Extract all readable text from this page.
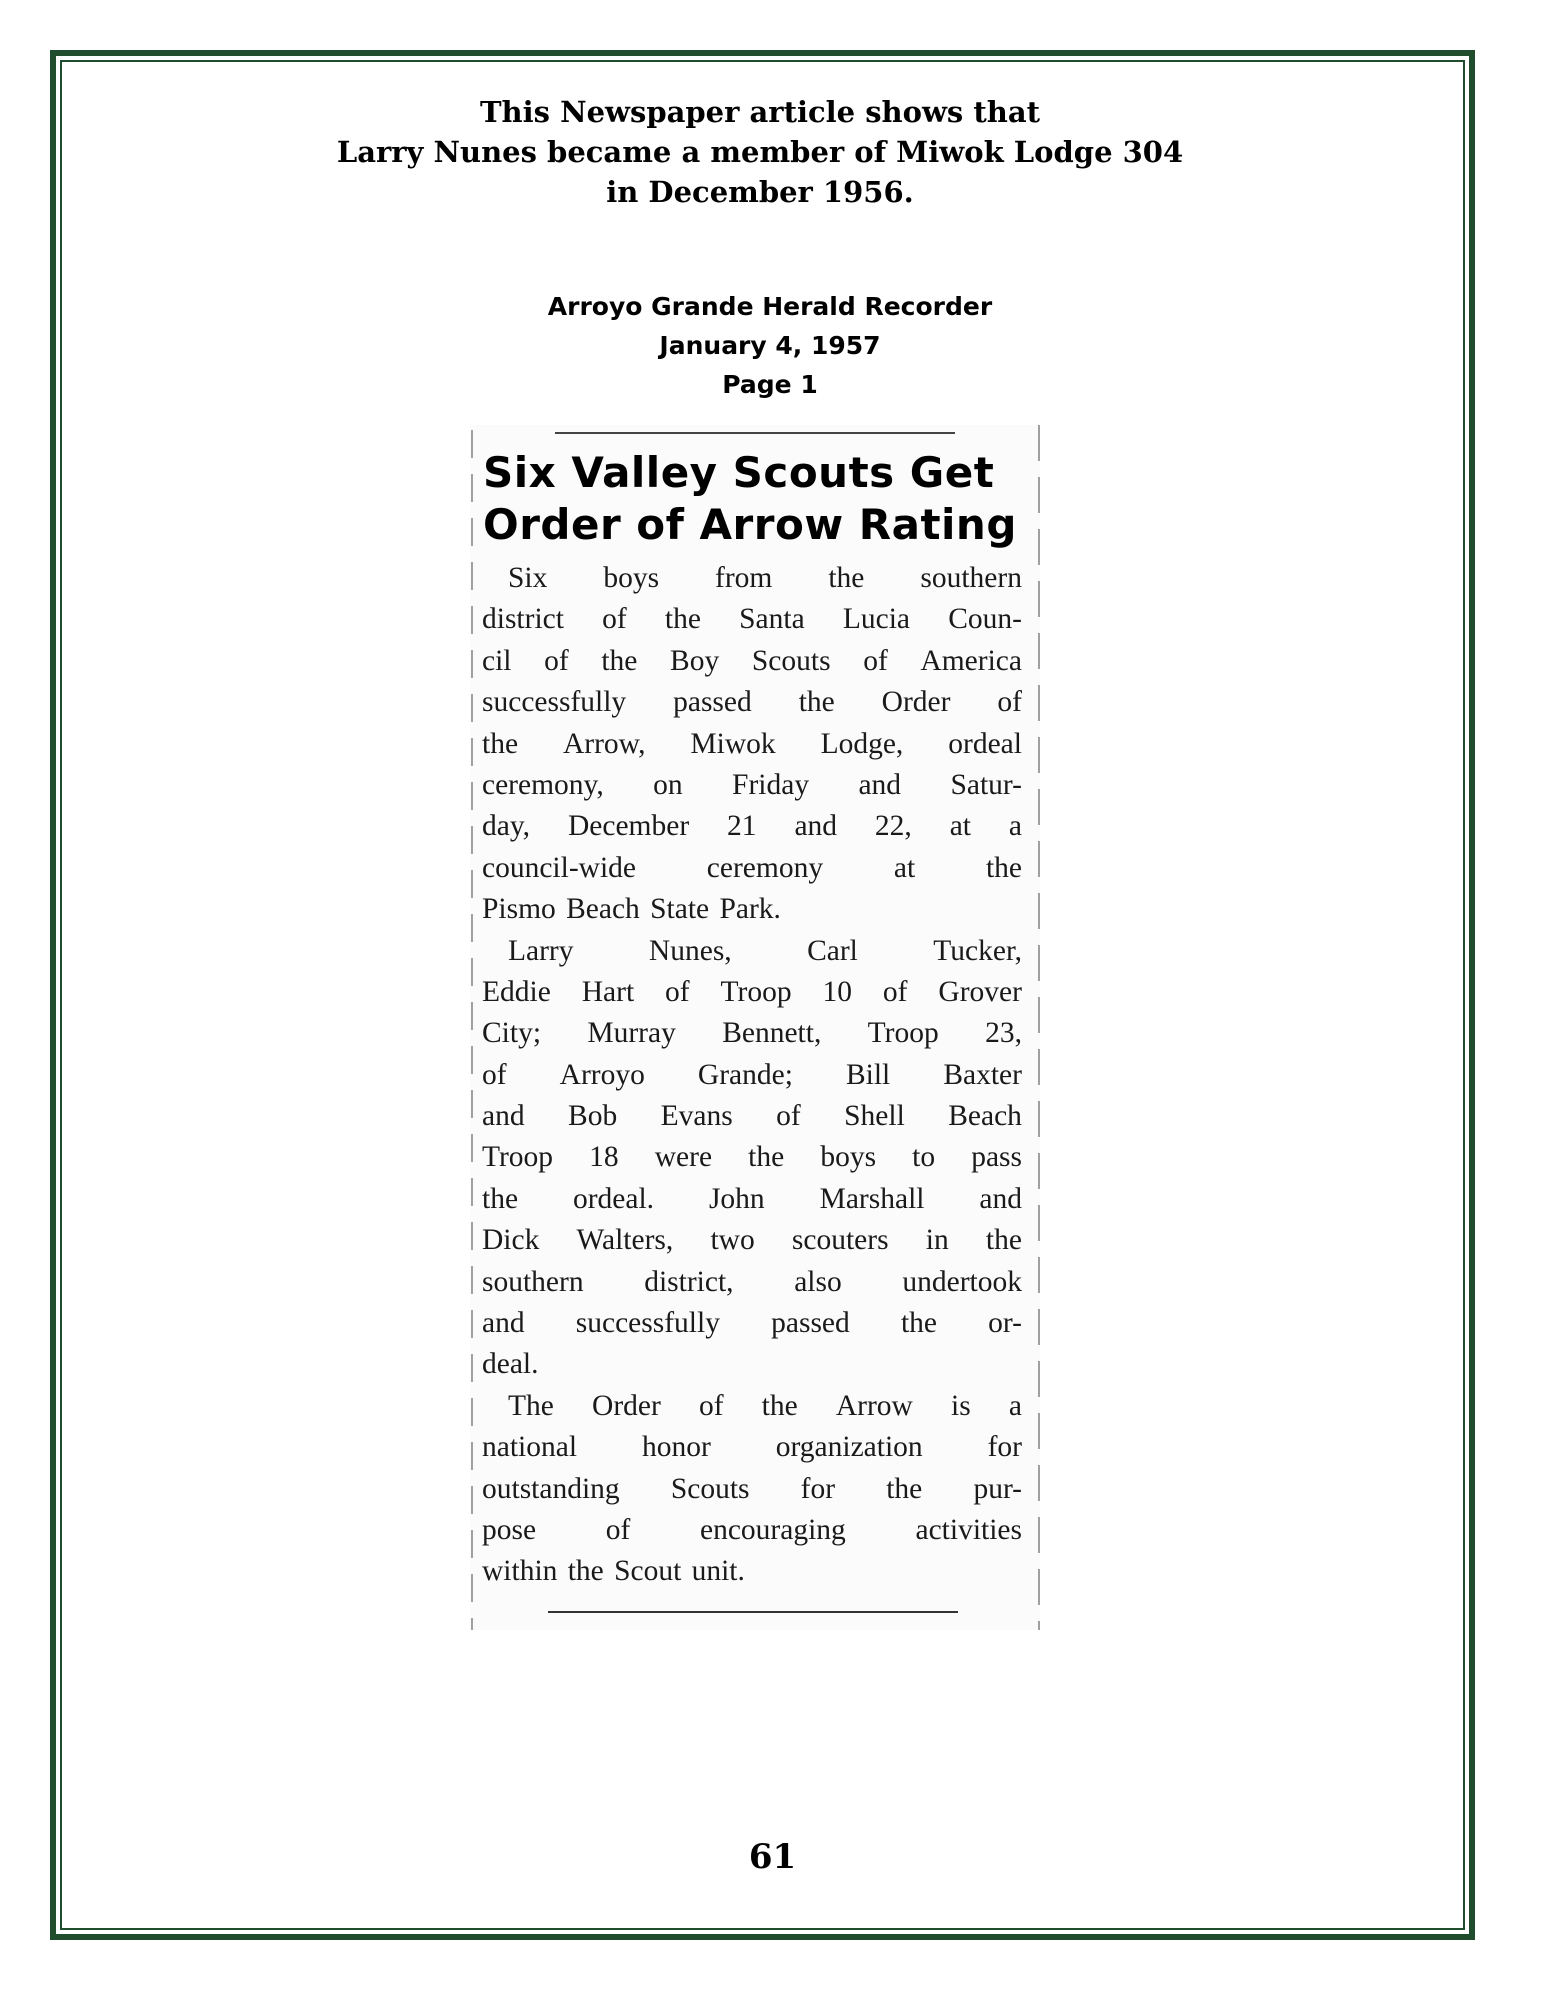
This Newspaper article shows that
Larry Nunes became a member of Miwok Lodge 304
in December 1956.
Arroyo Grande Herald Recorder
January 4, 1957
Page 1
Six Valley Scouts Get
Order of Arrow Rating
Six boys from the southern
district of the Santa Lucia Coun-
cil of the Boy Scouts of America
successfully passed the Order of
the Arrow, Miwok Lodge, ordeal
ceremony, on Friday and Satur-
day, December 21 and 22, at a
council-wide ceremony at the
Pismo Beach State Park.
Larry	Nunes,	Carl	Tucker,
Eddie Hart of Troop 10 of Grover
City; Murray Bennett, Troop 23,
of Arroyo Grande; Bill Baxter
and Bob Evans of Shell Beach
Troop 18 were the boys to pass
the ordeal. John Marshall and
Dick Walters, two scouters in the
southern district, also undertook
and successfully passed the or-
deal.
The Order of the Arrow is a
national honor organization for
outstanding Scouts for the pur-
pose of encouraging activities
within the Scout unit.
61
